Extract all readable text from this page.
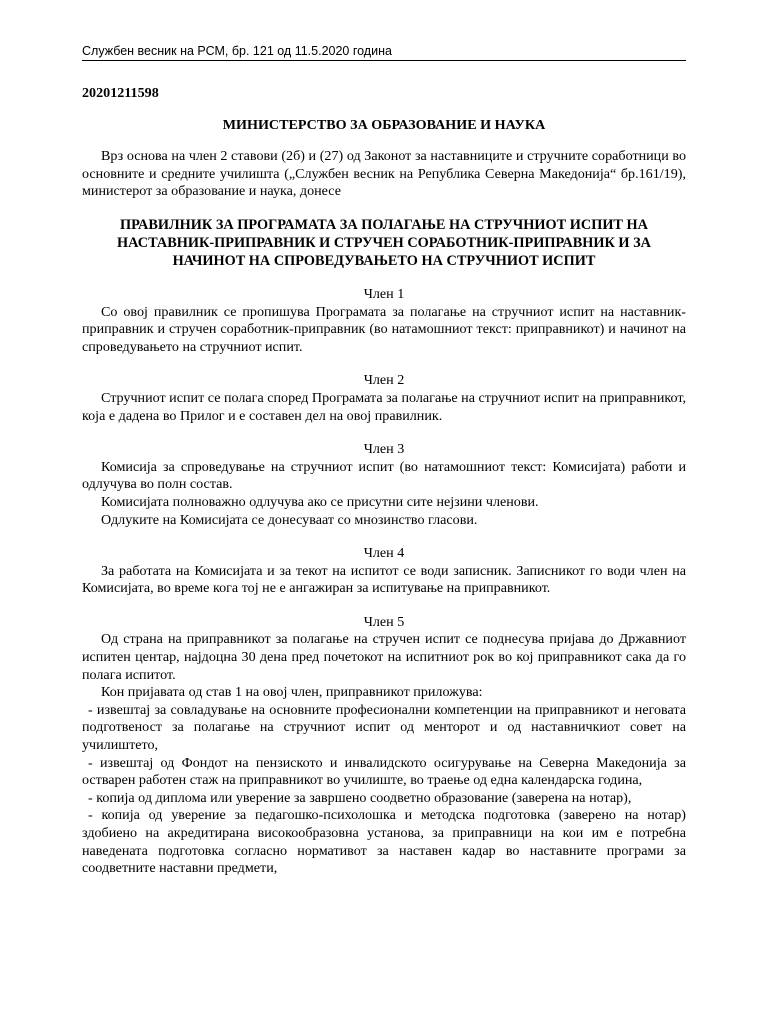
Службен весник на РСМ, бр. 121 од 11.5.2020 година

20201211598

МИНИСТЕРСТВО ЗА ОБРАЗОВАНИЕ И НАУКА

Врз основа на член 2 ставови (2б) и (27) од Законот за наставниците и стручните соработници во основните и средните училишта („Службен весник на Република Северна Македонија“ бр.161/19), министерот за образование и наука, донесе

ПРАВИЛНИК ЗА ПРОГРАМАТА ЗА ПОЛАГАЊЕ НА СТРУЧНИОТ ИСПИТ НА
НАСТАВНИК-ПРИПРАВНИК И СТРУЧЕН СОРАБОТНИК-ПРИПРАВНИК И ЗА
НАЧИНОТ НА СПРОВЕДУВАЊЕТО НА СТРУЧНИОТ ИСПИТ

Член 1

Со овој правилник се пропишува Програмата за полагање на стручниот испит на наставник-приправник и стручен соработник-приправник (во натамошниот текст: приправникот) и начинот на спроведувањето на стручниот испит.

Член 2

Стручниот испит се полага според Програмата за полагање на стручниот испит на приправникот, која е дадена во Прилог и е составен дел на овој правилник.

Член 3

Комисија за спроведување на стручниот испит (во натамошниот текст: Комисијата) работи и одлучува во полн состав.

Комисијата полноважно одлучува ако се присутни сите нејзини членови.

Одлуките на Комисијата се донесуваат со мнозинство гласови.

Член 4

За работата на Комисијата и за текот на испитот се води записник. Записникот го води член на Комисијата, во време кога тој не е ангажиран за испитување на приправникот.

Член 5

Од страна на приправникот за полагање на стручен испит се поднесува пријава до Државниот испитен центар, најдоцна 30 дена пред почетокот на испитниот рок во кој приправникот сака да го полага испитот.

Кон пријавата од став 1 на овој член, приправникот приложува:

- извештај за совладување на основните професионални компетенции на приправникот и неговата подготвеност за полагање на стручниот испит од менторот и од наставничкиот совет на училиштето,

- извештај од Фондот на пензиското и инвалидското осигурување на Северна Македонија за остварен работен стаж на приправникот во училиште, во траење од една календарска година,

- копија од диплома или уверение за завршено соодветно образование (заверена на нотар),

- копија од уверение за педагошко-психолошка и методска подготовка (заверено на нотар) здобиено на акредитирана високообразовна установа, за приправници на кои им е потребна наведената подготовка согласно нормативот за наставен кадар во наставните програми за соодветните наставни предмети,
